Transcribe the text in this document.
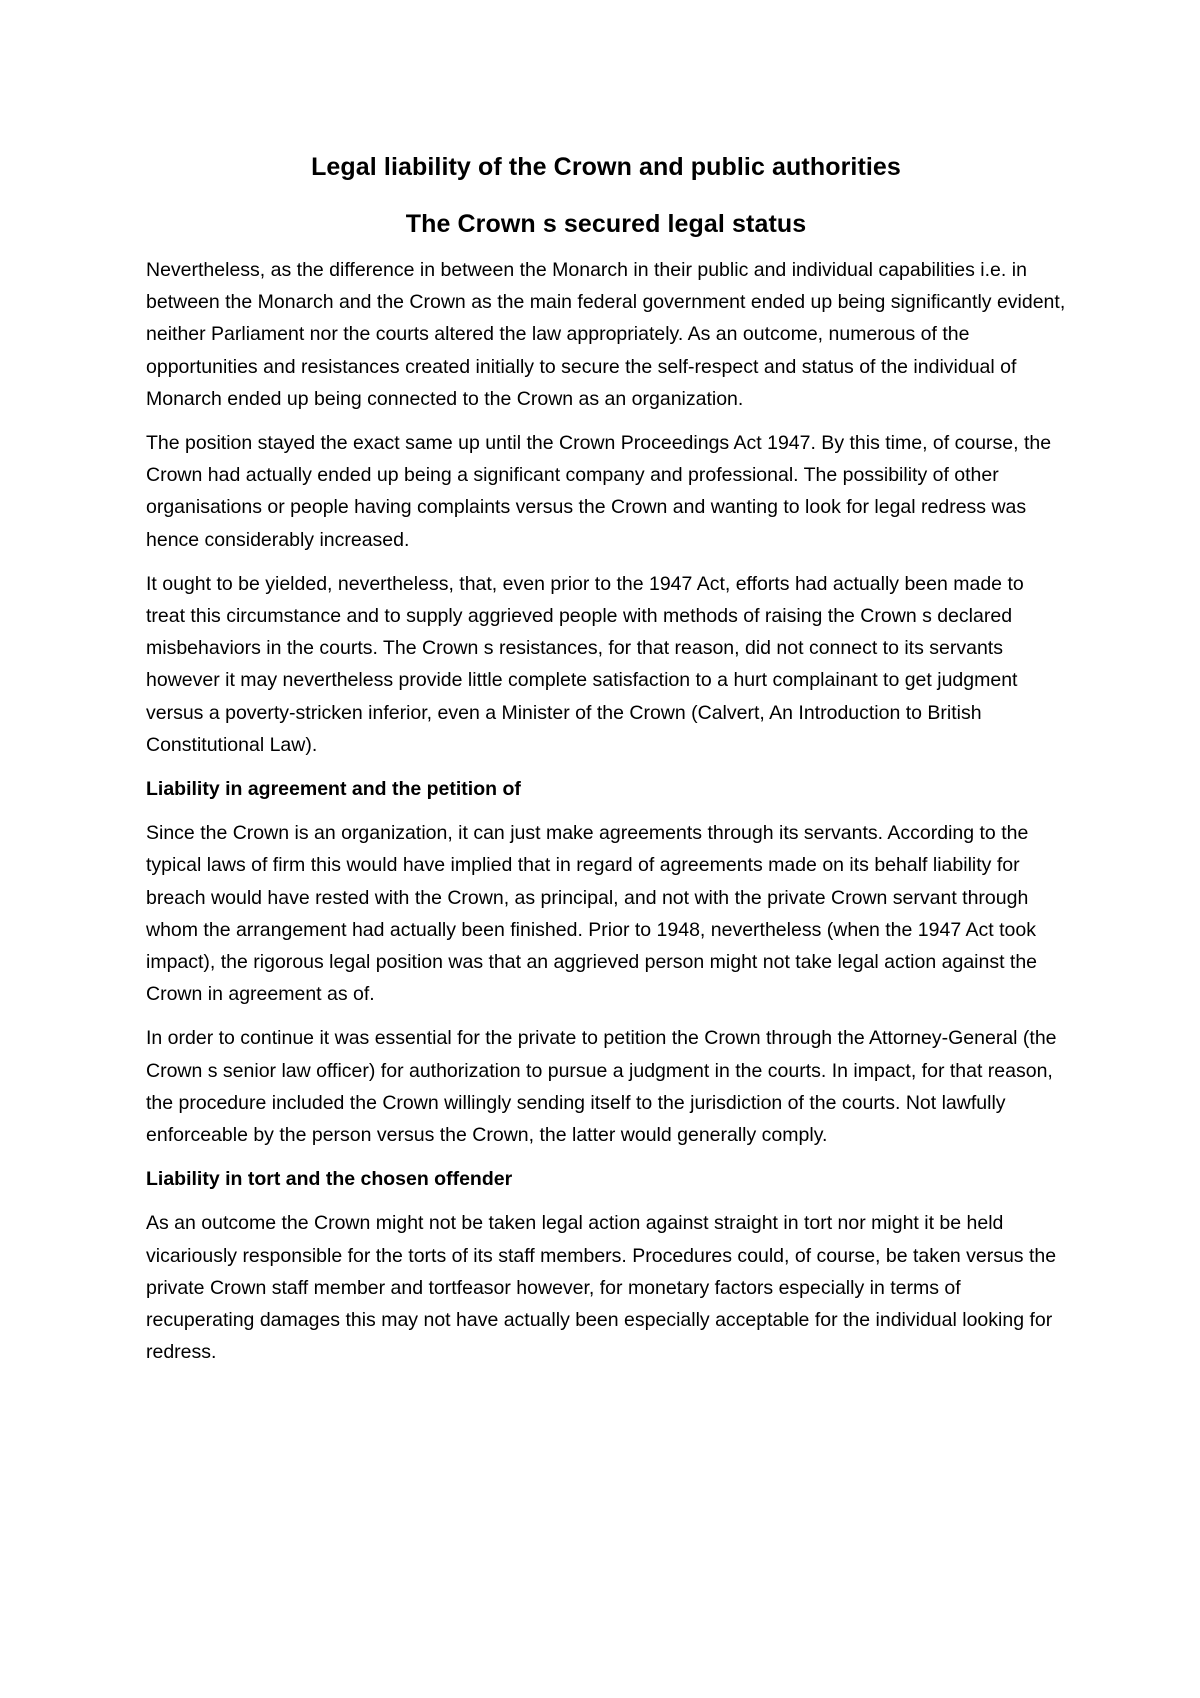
Legal liability of the Crown and public authorities
The Crown s secured legal status

Nevertheless, as the difference in between the Monarch in their public and individual capabilities i.e. in between the Monarch and the Crown as the main federal government ended up being significantly evident, neither Parliament nor the courts altered the law appropriately. As an outcome, numerous of the opportunities and resistances created initially to secure the self-respect and status of the individual of Monarch ended up being connected to the Crown as an organization.

The position stayed the exact same up until the Crown Proceedings Act 1947. By this time, of course, the Crown had actually ended up being a significant company and professional. The possibility of other organisations or people having complaints versus the Crown and wanting to look for legal redress was hence considerably increased.

It ought to be yielded, nevertheless, that, even prior to the 1947 Act, efforts had actually been made to treat this circumstance and to supply aggrieved people with methods of raising the Crown s declared misbehaviors in the courts. The Crown s resistances, for that reason, did not connect to its servants however it may nevertheless provide little complete satisfaction to a hurt complainant to get judgment versus a poverty-stricken inferior, even a Minister of the Crown (Calvert, An Introduction to British Constitutional Law).

Liability in agreement and the petition of

Since the Crown is an organization, it can just make agreements through its servants. According to the typical laws of firm this would have implied that in regard of agreements made on its behalf liability for breach would have rested with the Crown, as principal, and not with the private Crown servant through whom the arrangement had actually been finished. Prior to 1948, nevertheless (when the 1947 Act took impact), the rigorous legal position was that an aggrieved person might not take legal action against the Crown in agreement as of.

In order to continue it was essential for the private to petition the Crown through the Attorney-General (the Crown s senior law officer) for authorization to pursue a judgment in the courts. In impact, for that reason, the procedure included the Crown willingly sending itself to the jurisdiction of the courts. Not lawfully enforceable by the person versus the Crown, the latter would generally comply.

Liability in tort and the chosen offender

As an outcome the Crown might not be taken legal action against straight in tort nor might it be held vicariously responsible for the torts of its staff members. Procedures could, of course, be taken versus the private Crown staff member and tortfeasor however, for monetary factors especially in terms of recuperating damages this may not have actually been especially acceptable for the individual looking for redress.
